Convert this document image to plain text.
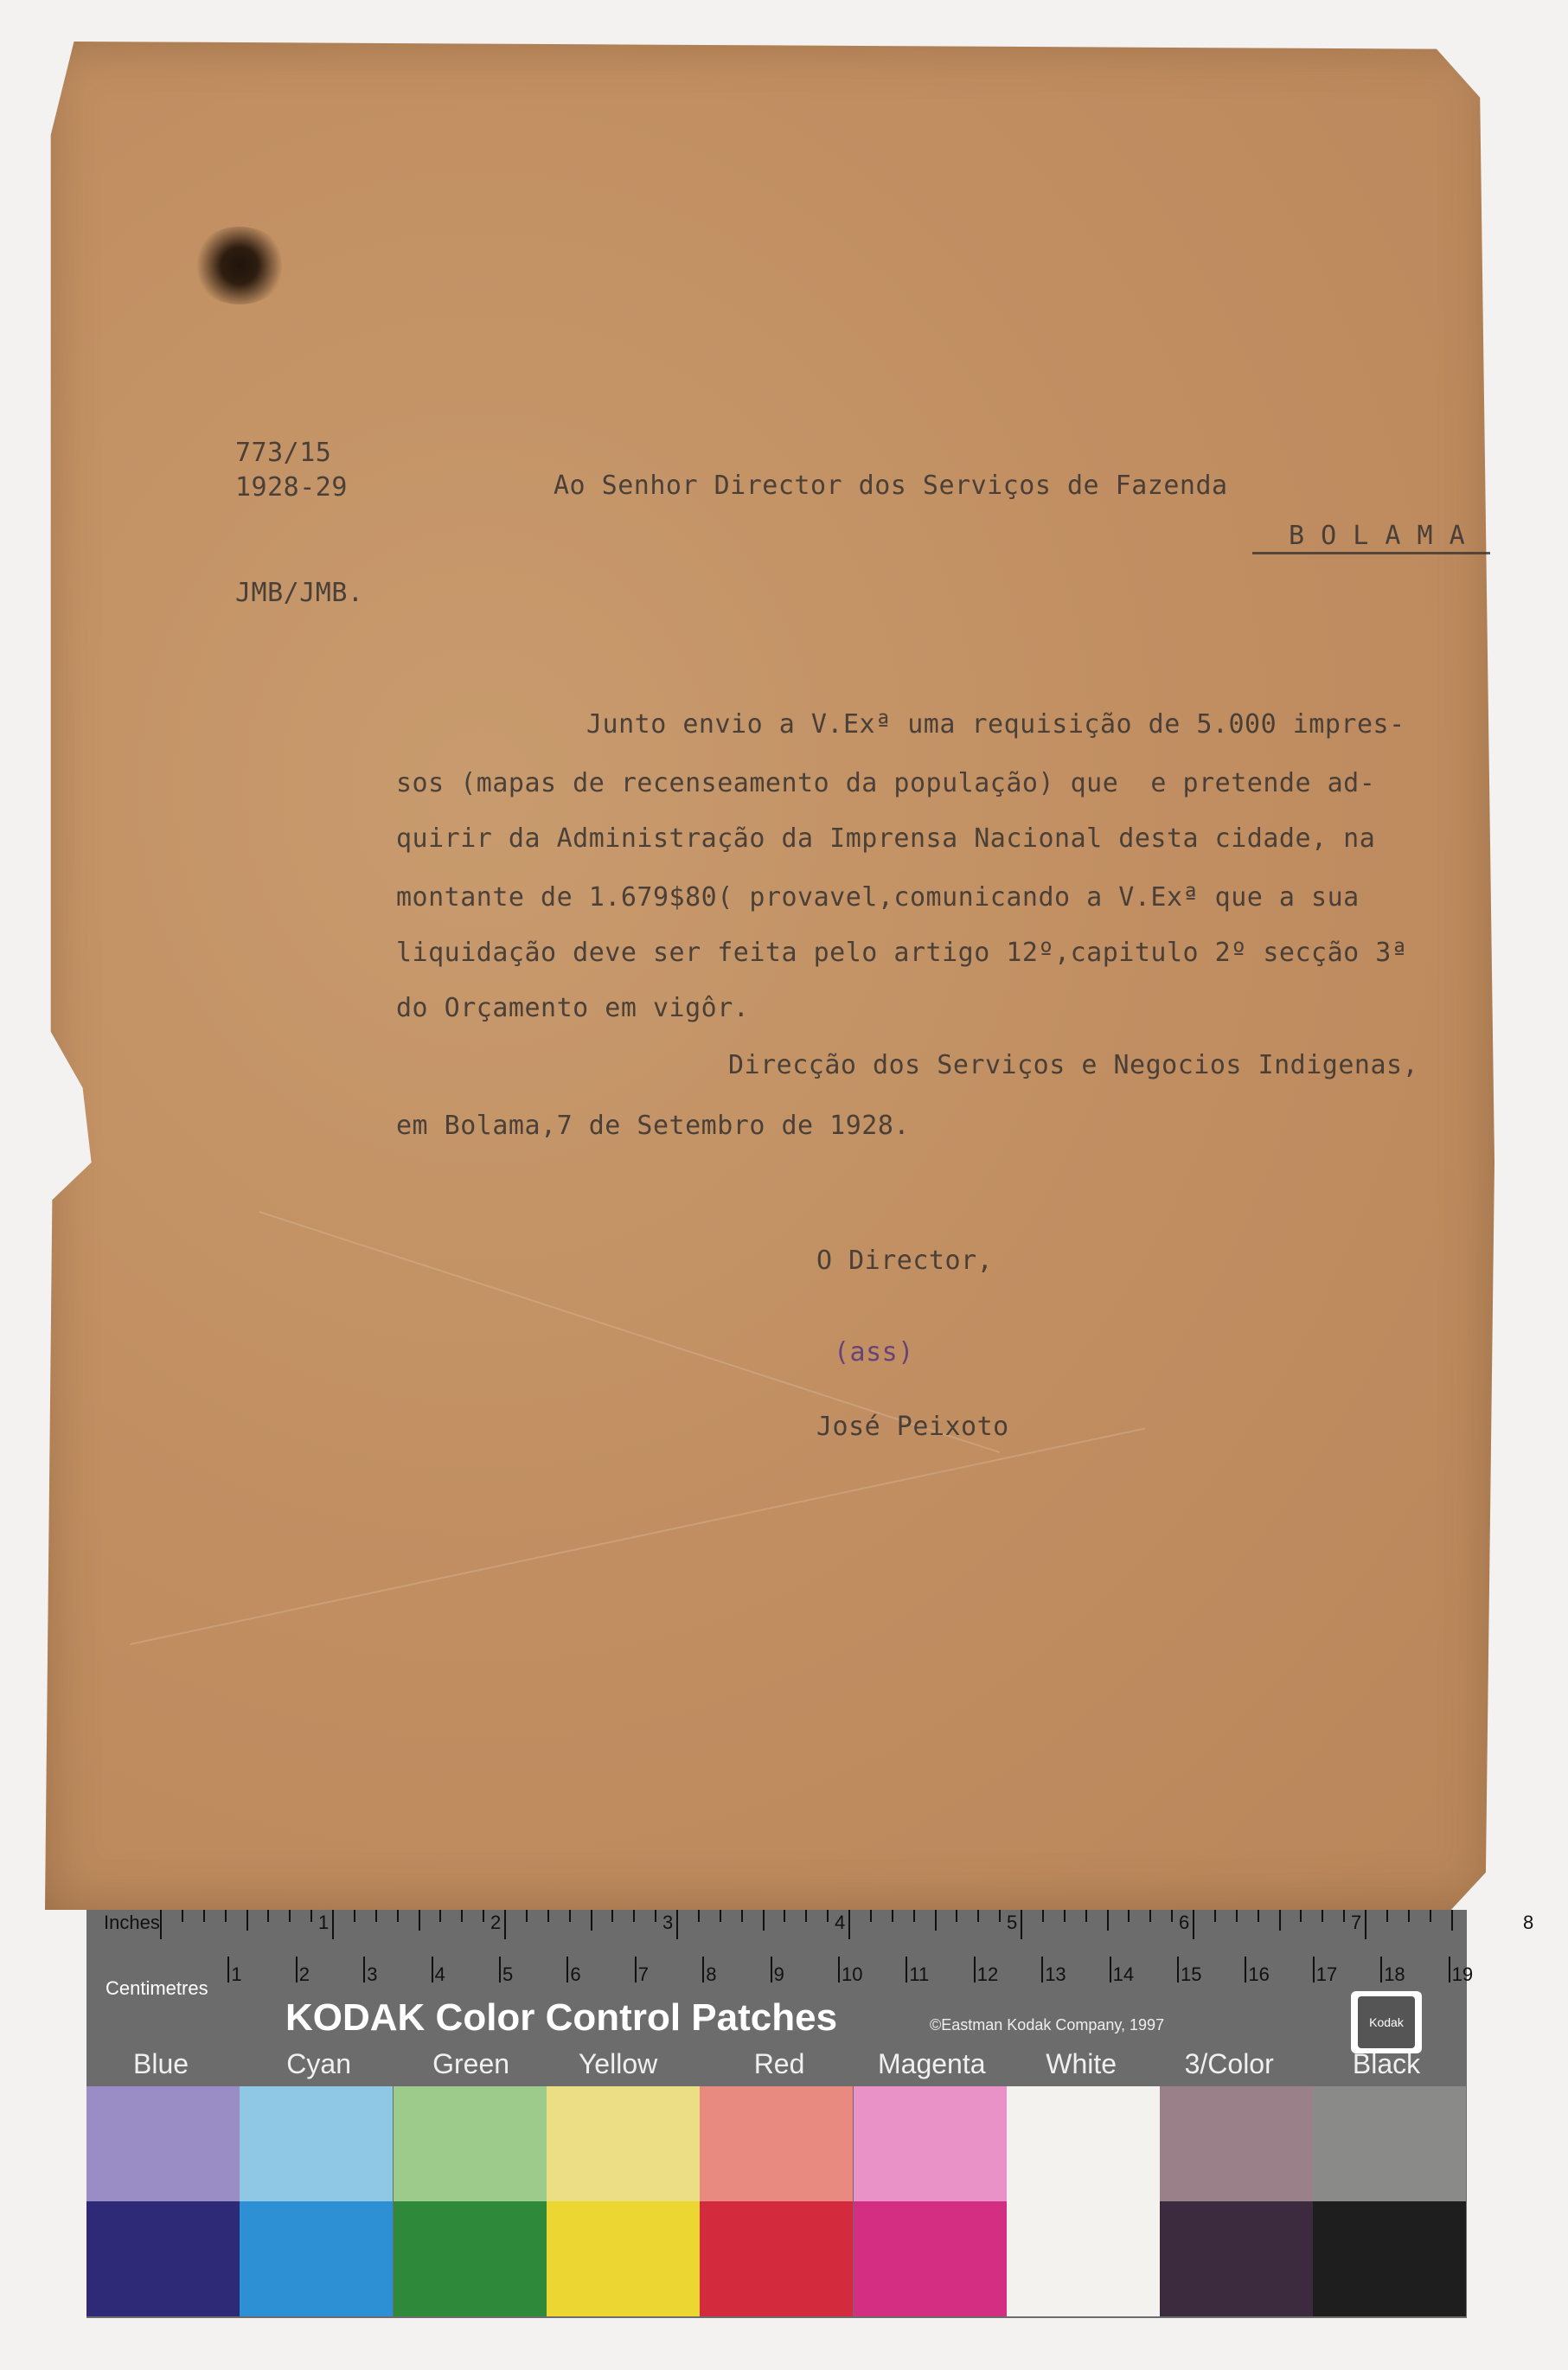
773/15
1928-29	Ao Senhor Director dos Serviços de Fazenda
B O L A M A
JMB/JMB.
Junto envio a V.Exª uma requisição de 5.000 impres-
sos (mapas de recenseamento da população) que  e pretende ad-
quirir da Administração da Imprensa Nacional desta cidade, na
montante de 1.679$80( provavel,comunicando a V.Exª que a sua
liquidação deve ser feita pelo artigo 12º,capitulo 2º secção 3ª
do Orçamento em vigôr.
Direcção dos Serviços e Negocios Indigenas,
em Bolama,7 de Setembro de 1928.
O Director,
(ass)
José Peixoto
1	2	3	4	5	6	7	8
Inches
1	2	3	4	5	6	7	8	9	10 11	12 13 14 15 16 17 18 19
Centimetres
KODAK Color Control Patches	©Eastman Kodak Company, 1997	Kodak
Blue	Cyan	Green Yellow	Red	Magenta White 3/Color	Black
